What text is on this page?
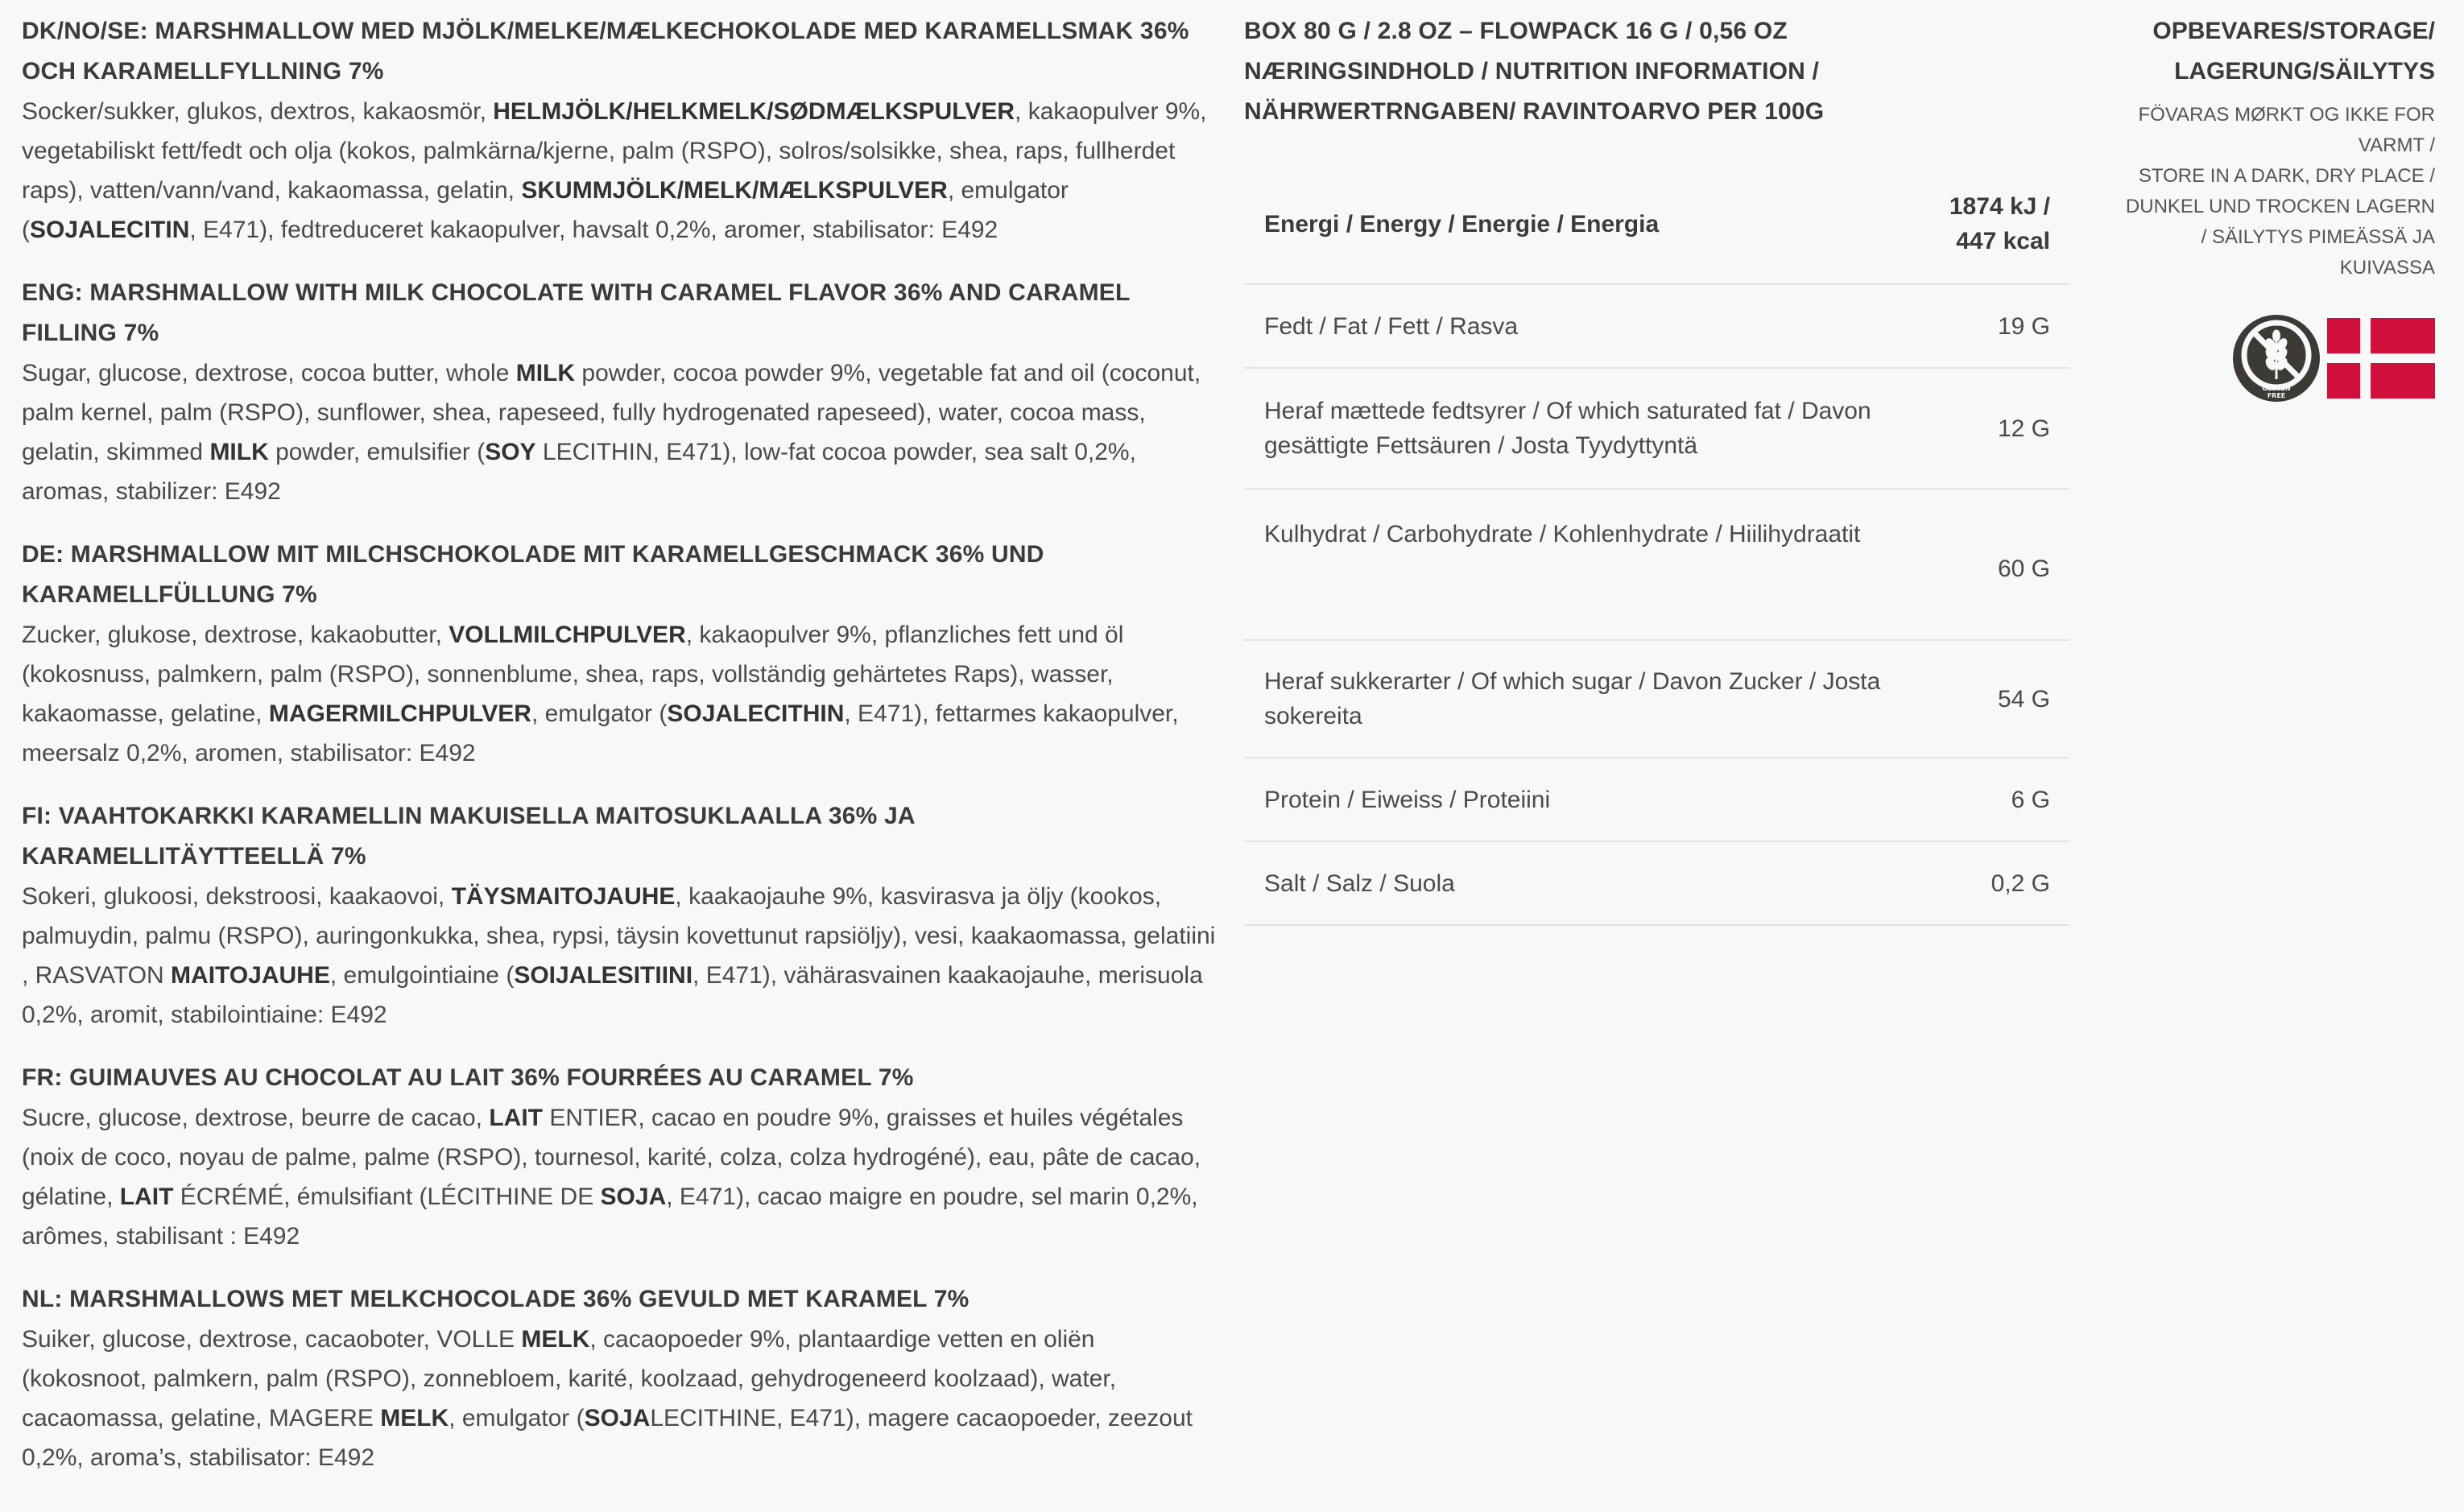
DK/NO/SE: MARSHMALLOW MED MJÖLK/MELKE/MÆLKECHOKOLADE MED KARAMELLSMAK 36% OCH KARAMELLFYLLNING 7%
Socker/sukker, glukos, dextros, kakaosmör, HELMJÖLK/HELKMELK/SØDMÆLKSPULVER, kakaopulver 9%, vegetabiliskt fett/fedt och olja (kokos, palmkärna/kjerne, palm (RSPO), solros/solsikke, shea, raps, fullherdet raps), vatten/vann/vand, kakaomassa, gelatin, SKUMMJÖLK/MELK/MÆLKSPULVER, emulgator (SOJALECITIN, E471), fedtreduceret kakaopulver, havsalt 0,2%, aromer, stabilisator: E492
ENG: MARSHMALLOW WITH MILK CHOCOLATE WITH CARAMEL FLAVOR 36% AND CARAMEL FILLING 7%
Sugar, glucose, dextrose, cocoa butter, whole MILK powder, cocoa powder 9%, vegetable fat and oil (coconut, palm kernel, palm (RSPO), sunflower, shea, rapeseed, fully hydrogenated rapeseed), water, cocoa mass, gelatin, skimmed MILK powder, emulsifier (SOY LECITHIN, E471), low-fat cocoa powder, sea salt 0,2%, aromas, stabilizer: E492
DE: MARSHMALLOW MIT MILCHSCHOKOLADE MIT KARAMELLGESCHMACK 36% UND KARAMELLFÜLLUNG 7%
Zucker, glukose, dextrose, kakaobutter, VOLLMILCHPULVER, kakaopulver 9%, pflanzliches fett und öl (kokosnuss, palmkern, palm (RSPO), sonnenblume, shea, raps, vollständig gehärtetes Raps), wasser, kakaomasse, gelatine, MAGERMILCHPULVER, emulgator (SOJALECITHIN, E471), fettarmes kakaopulver, meersalz 0,2%, aromen, stabilisator: E492
FI: VAAHTOKARKKI KARAMELLIN MAKUISELLA MAITOSUKLAALLA 36% JA KARAMELLITÄYTTEELLÄ 7%
Sokeri, glukoosi, dekstroosi, kaakaovoi, TÄYSMAITOJAUHE, kaakaojauhe 9%, kasvirasva ja öljy (kookos, palmuydin, palmu (RSPO), auringonkukka, shea, rypsi, täysin kovettunut rapsiöljy), vesi, kaakaomassa, gelatiini , RASVATON MAITOJAUHE, emulgointiaine (SOIJALESITIINI, E471), vähärasvainen kaakaojauhe, merisuola 0,2%, aromit, stabilointiaine: E492
FR: GUIMAUVES AU CHOCOLAT AU LAIT 36% FOURRÉES AU CARAMEL 7%
Sucre, glucose, dextrose, beurre de cacao, LAIT ENTIER, cacao en poudre 9%, graisses et huiles végétales (noix de coco, noyau de palme, palme (RSPO), tournesol, karité, colza, colza hydrogéné), eau, pâte de cacao, gélatine, LAIT ÉCRÉMÉ, émulsifiant (LÉCITHINE DE SOJA, E471), cacao maigre en poudre, sel marin 0,2%, arômes, stabilisant : E492
NL: MARSHMALLOWS MET MELKCHOCOLADE 36% GEVULD MET KARAMEL 7%
Suiker, glucose, dextrose, cacaoboter, VOLLE MELK, cacaopoeder 9%, plantaardige vetten en oliën (kokosnoot, palmkern, palm (RSPO), zonnebloem, karité, koolzaad, gehydrogeneerd koolzaad), water, cacaomassa, gelatine, MAGERE MELK, emulgator (SOJALECITHINE, E471), magere cacaopoeder, zeezout 0,2%, aroma’s, stabilisator: E492
BOX 80 G / 2.8 OZ – FLOWPACK 16 G / 0,56 OZ
NÆRINGSINDHOLD / NUTRITION INFORMATION /
NÄHRWERTRNGABEN/ RAVINTOARVO PER 100G
Energi / Energy / Energie / Energia
1874 kJ / 447 kcal
Fedt / Fat / Fett / Rasva	19 G
Heraf mættede fedtsyrer / Of which saturated fat / Davon gesättigte Fettsäuren / Josta Tyydyttyntä
12 G
Kulhydrat / Carbohydrate / Kohlenhydrate / Hiilihydraatit
60 G
Heraf sukkerarter / Of which sugar / Davon Zucker / Josta sokereita
54 G
Protein / Eiweiss / Proteiini	6 G
Salt / Salz / Suola	0,2 G
OPBEVARES/STORAGE/
LAGERUNG/SÄILYTYS
FÖVARAS MØRKT OG IKKE FOR
VARMT /
STORE IN A DARK, DRY PLACE /
DUNKEL UND TROCKEN LAGERN
/ SÄILYTYS PIMEÄSSÄ JA
KUIVASSA
GLUTEN
FREE
